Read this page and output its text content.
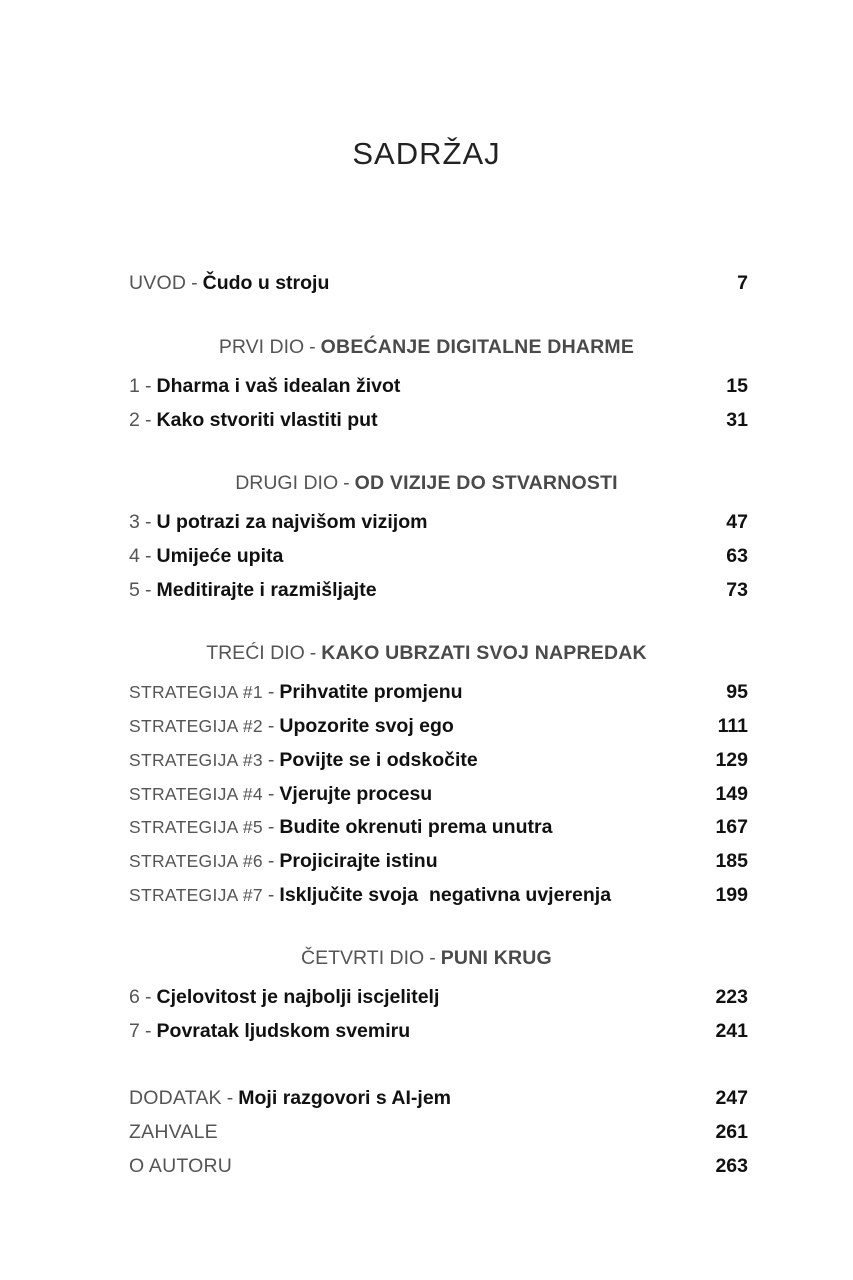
SADRŽAJ
UVOD - Čudo u stroju	7
PRVI DIO - OBEĆANJE DIGITALNE DHARME
1 - Dharma i vaš idealan život	15
2 - Kako stvoriti vlastiti put	31
DRUGI DIO - OD VIZIJE DO STVARNOSTI
3 - U potrazi za najvišom vizijom	47
4 - Umijeće upita	63
5 - Meditirajte i razmišljajte	73
TREĆI DIO - KAKO UBRZATI SVOJ NAPREDAK
STRATEGIJA #1 - Prihvatite promjenu	95
STRATEGIJA #2 - Upozorite svoj ego	111
STRATEGIJA #3 - Povijte se i odskočite	129
STRATEGIJA #4 - Vjerujte procesu	149
STRATEGIJA #5 - Budite okrenuti prema unutra	167
STRATEGIJA #6 - Projicirajte istinu	185
STRATEGIJA #7 - Isključite svoja  negativna uvjerenja	199
ČETVRTI DIO - PUNI KRUG
6 - Cjelovitost je najbolji iscjelitelj	223
7 - Povratak ljudskom svemiru	241
DODATAK - Moji razgovori s AI-jem	247
ZAHVALE	261
O AUTORU	263
